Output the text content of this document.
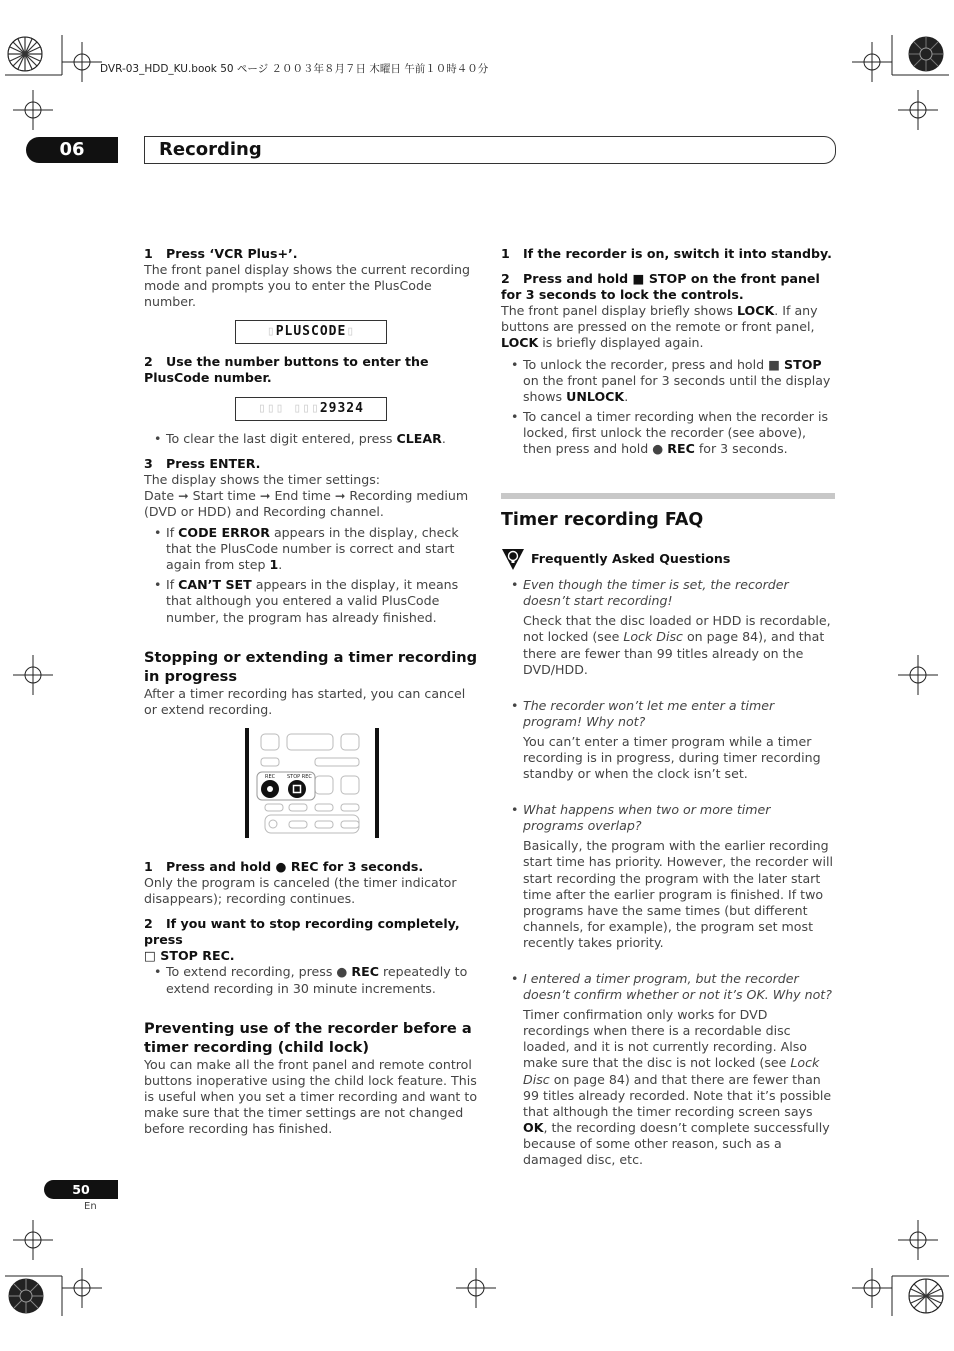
DVR-03_HDD_KU.book 50 ページ ２００３年８月７日 木曜日 午前１０時４０分
06	Recording
1 Press ‘VCR Plus+’.
The front panel display shows the current recording mode and prompts you to enter the PlusCode number.
▯PLUSCODE▯
2 Use the number buttons to enter the PlusCode number.
▯▯▯ ▯▯▯29324
• To clear the last digit entered, press CLEAR.
3 Press ENTER.
The display shows the timer settings:
Date ➞ Start time ➞ End time ➞ Recording medium (DVD or HDD) and Recording channel.
• If CODE ERROR appears in the display, check that the PlusCode number is correct and start again from step 1.
• If CAN’T SET appears in the display, it means that although you entered a valid PlusCode number, the program has already finished.
Stopping or extending a timer recording in progress
After a timer recording has started, you can cancel or extend recording.
REC STOP REC
1 Press and hold ● REC for 3 seconds.
Only the program is canceled (the timer indicator disappears); recording continues.
2 If you want to stop recording completely, press
□ STOP REC.
• To extend recording, press ● REC repeatedly to extend recording in 30 minute increments.
Preventing use of the recorder before a timer recording (child lock)
You can make all the front panel and remote control buttons inoperative using the child lock feature. This is useful when you set a timer recording and want to make sure that the timer settings are not changed before recording has finished.
1 If the recorder is on, switch it into standby.
2 Press and hold ■ STOP on the front panel for 3 seconds to lock the controls.
The front panel display briefly shows LOCK. If any buttons are pressed on the remote or front panel, LOCK is briefly displayed again.
• To unlock the recorder, press and hold ■ STOP on the front panel for 3 seconds until the display shows UNLOCK.
• To cancel a timer recording when the recorder is locked, first unlock the recorder (see above), then press and hold ● REC for 3 seconds.
Timer recording FAQ
Frequently Asked Questions
• Even though the timer is set, the recorder doesn’t start recording!
Check that the disc loaded or HDD is recordable, not locked (see Lock Disc on page 84), and that there are fewer than 99 titles already on the DVD/HDD.
• The recorder won’t let me enter a timer program! Why not?
You can’t enter a timer program while a timer recording is in progress, during timer recording standby or when the clock isn’t set.
• What happens when two or more timer programs overlap?
Basically, the program with the earlier recording start time has priority. However, the recorder will start recording the program with the later start time after the earlier program is finished. If two programs have the same times (but different channels, for example), the program set most recently takes priority.
• I entered a timer program, but the recorder doesn’t confirm whether or not it’s OK. Why not?
Timer confirmation only works for DVD recordings when there is a recordable disc loaded, and it is not currently recording. Also make sure that the disc is not locked (see Lock Disc on page 84) and that there are fewer than 99 titles already recorded. Note that it’s possible that although the timer recording screen says OK, the recording doesn’t complete successfully because of some other reason, such as a damaged disc, etc.
50
En
